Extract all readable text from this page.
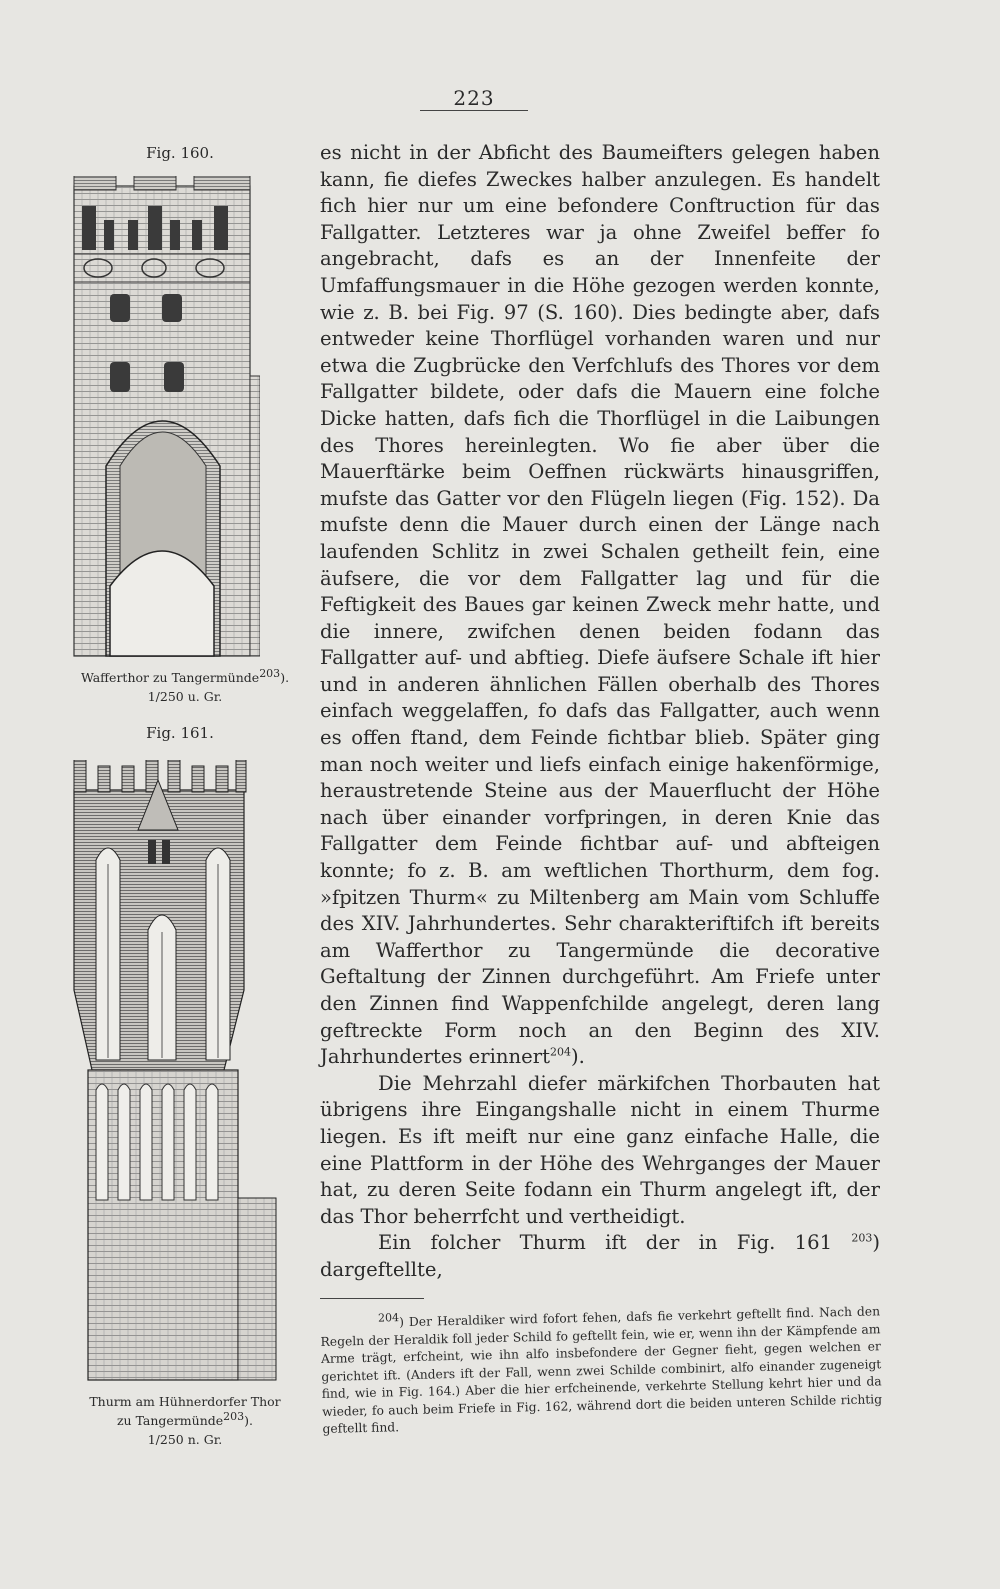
223
Fig. 160.
Wafferthor zu Tangermünde$^{203}$).
1/250 u. Gr.
Fig. 161.
Thurm am Hühnerdorfer Thor
zu Tangermünde$^{203}$).
1/250 n. Gr.

es nicht in der Abficht des Baumeifters gelegen haben kann, fie diefes Zweckes halber anzulegen. Es handelt fich hier nur um eine befondere Conftruction für das Fallgatter. Letzteres war ja ohne Zweifel beffer fo angebracht, dafs es an der Innenfeite der Umfaffungsmauer in die Höhe gezogen werden konnte, wie z. B. bei Fig. 97 (S. 160). Dies bedingte aber, dafs entweder keine Thorflügel vorhanden waren und nur etwa die Zugbrücke den Verfchlufs des Thores vor dem Fallgatter bildete, oder dafs die Mauern eine folche Dicke hatten, dafs fich die Thorflügel in die Laibungen des Thores hereinlegten. Wo fie aber über die Mauerftärke beim Oeffnen rückwärts hinausgriffen, mufste das Gatter vor den Flügeln liegen (Fig. 152). Da mufste denn die Mauer durch einen der Länge nach laufenden Schlitz in zwei Schalen getheilt fein, eine äufsere, die vor dem Fallgatter lag und für die Feftigkeit des Baues gar keinen Zweck mehr hatte, und die innere, zwifchen denen beiden fodann das Fallgatter auf- und abftieg. Diefe äufsere Schale ift hier und in anderen ähnlichen Fällen oberhalb des Thores einfach weggelaffen, fo dafs das Fallgatter, auch wenn es offen ftand, dem Feinde fichtbar blieb. Später ging man noch weiter und liefs einfach einige hakenförmige, heraustretende Steine aus der Mauerflucht der Höhe nach über einander vorfpringen, in deren Knie das Fallgatter dem Feinde fichtbar auf- und abfteigen konnte; fo z. B. am weftlichen Thorthurm, dem fog. »fpitzen Thurm« zu Miltenberg am Main vom Schluffe des XIV. Jahrhundertes. Sehr charakteriftifch ift bereits am Wafferthor zu Tangermünde die decorative Geftaltung der Zinnen durchgeführt. Am Friefe unter den Zinnen find Wappenfchilde angelegt, deren lang geftreckte Form noch an den Beginn des XIV. Jahrhundertes erinnert$^{204}$).

Die Mehrzahl diefer märkifchen Thorbauten hat übrigens ihre Eingangshalle nicht in einem Thurme liegen. Es ift meift nur eine ganz einfache Halle, die eine Plattform in der Höhe des Wehrganges der Mauer hat, zu deren Seite fodann ein Thurm angelegt ift, der das Thor beherrfcht und vertheidigt.

Ein folcher Thurm ift der in Fig. 161 $^{203}$) dargeftellte,

$^{204}$) Der Heraldiker wird fofort fehen, dafs fie verkehrt geftellt find. Nach den Regeln der Heraldik foll jeder Schild fo geftellt fein, wie er, wenn ihn der Kämpfende am Arme trägt, erfcheint, wie ihn alfo insbefondere der Gegner fieht, gegen welchen er gerichtet ift. (Anders ift der Fall, wenn zwei Schilde combinirt, alfo einander zugeneigt find, wie in Fig. 164.) Aber die hier erfcheinende, verkehrte Stellung kehrt hier und da wieder, fo auch beim Friefe in Fig. 162, während dort die beiden unteren Schilde richtig geftellt find.
